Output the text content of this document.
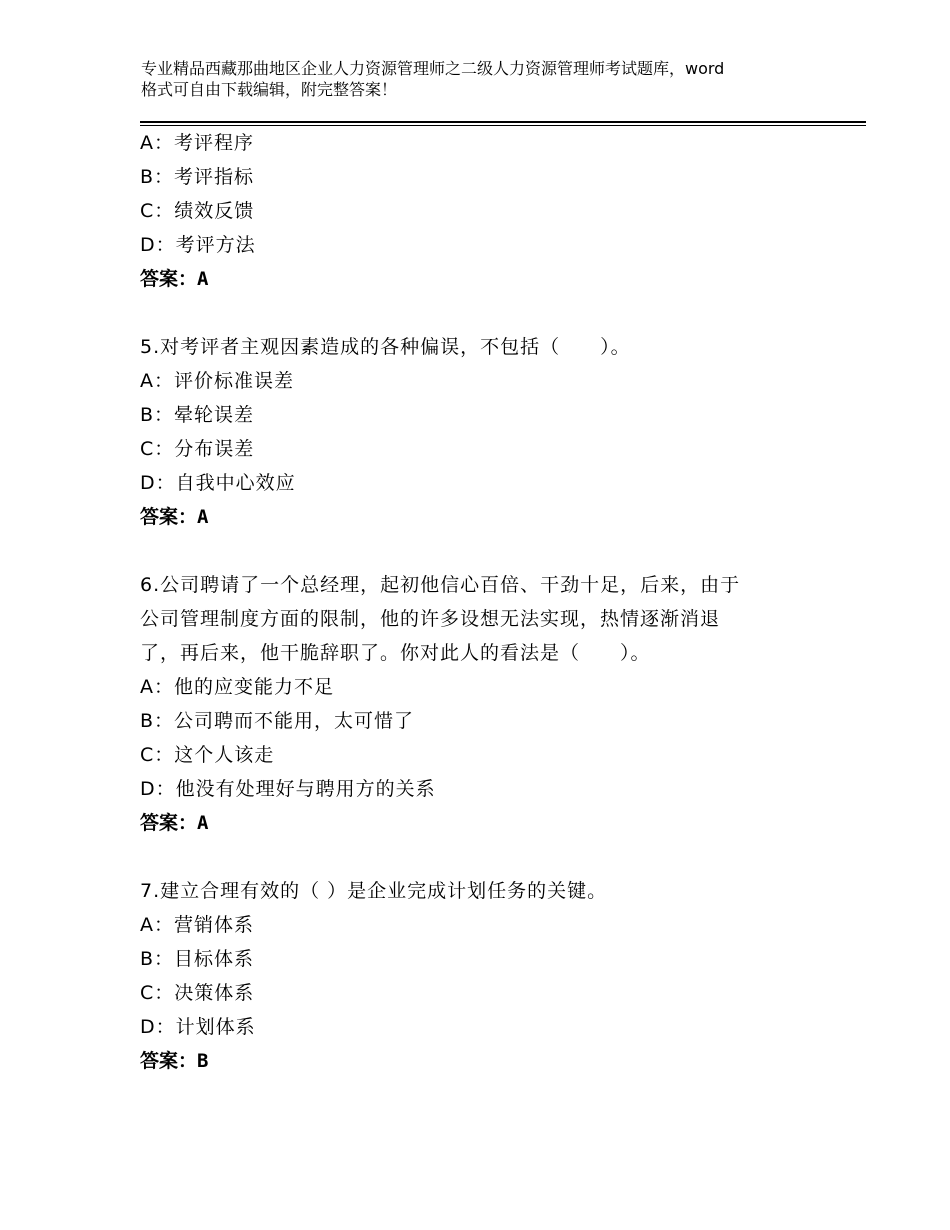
专业精品西藏那曲地区企业人力资源管理师之二级人力资源管理师考试题库，word
格式可自由下载编辑，附完整答案！
A：考评程序
B：考评指标
C：绩效反馈
D：考评方法
答案：A
5.对考评者主观因素造成的各种偏误，不包括（　　）。
A：评价标准误差
B：晕轮误差
C：分布误差
D：自我中心效应
答案：A
6.公司聘请了一个总经理，起初他信心百倍、干劲十足，后来，由于
公司管理制度方面的限制，他的许多设想无法实现，热情逐渐消退
了，再后来，他干脆辞职了。你对此人的看法是（　　）。
A：他的应变能力不足
B：公司聘而不能用，太可惜了
C：这个人该走
D：他没有处理好与聘用方的关系
答案：A
7.建立合理有效的（ ）是企业完成计划任务的关键。
A：营销体系
B：目标体系
C：决策体系
D：计划体系
答案：B
